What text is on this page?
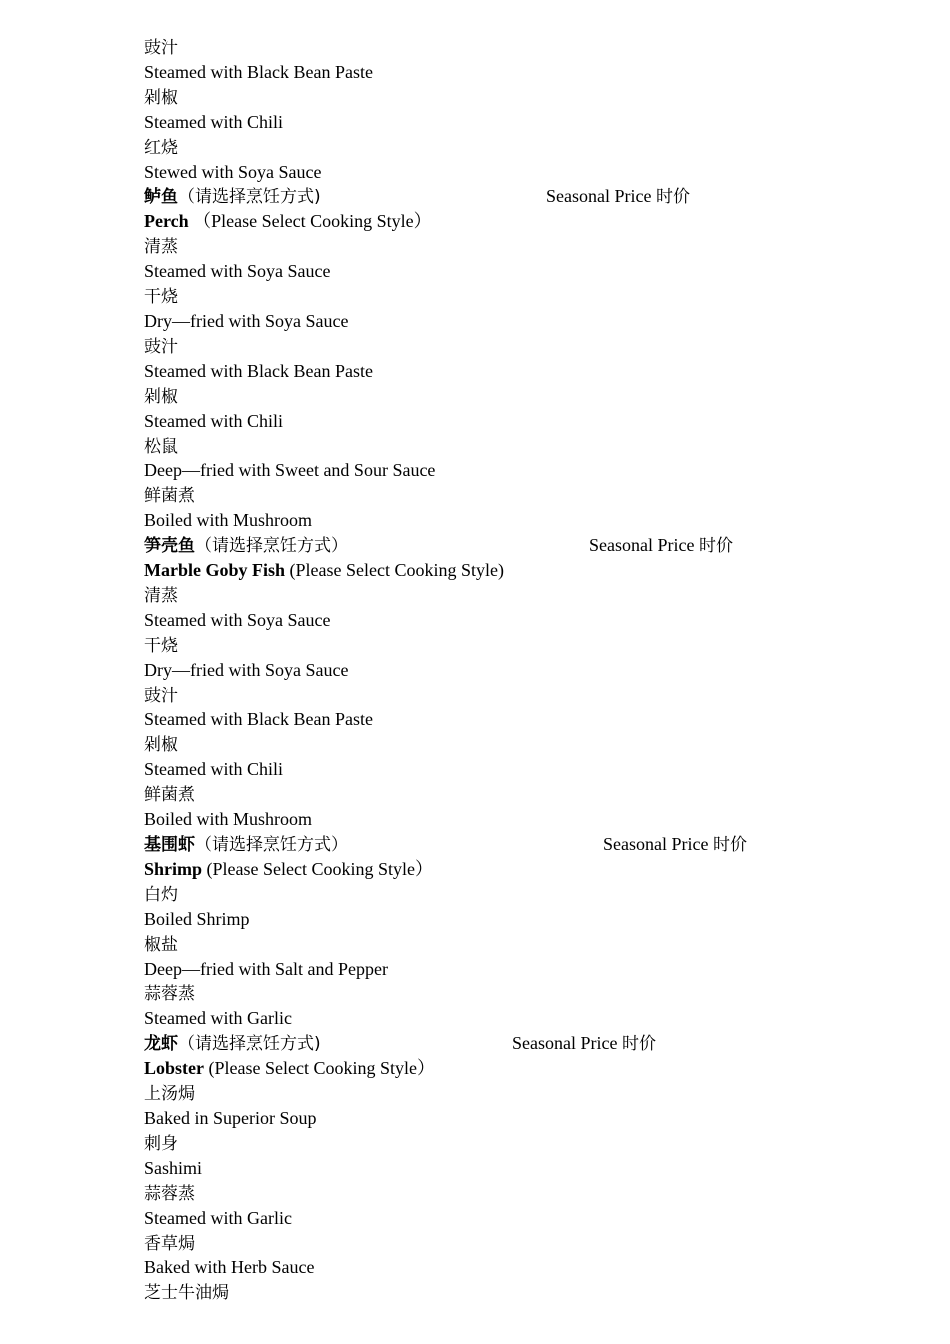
豉汁
Steamed with Black Bean Paste
剁椒
Steamed with Chili
红烧
Stewed with Soya Sauce
鲈鱼（请选择烹饪方式)	Seasonal Price 时价
Perch （Please Select Cooking Style）
清蒸
Steamed with Soya Sauce
干烧
Dry—fried with Soya Sauce
豉汁
Steamed with Black Bean Paste
剁椒
Steamed with Chili
松鼠
Deep—fried with Sweet and Sour Sauce
鲜菌煮
Boiled with Mushroom
笋壳鱼（请选择烹饪方式）	Seasonal Price 时价
Marble Goby Fish (Please Select Cooking Style)
清蒸
Steamed with Soya Sauce
干烧
Dry—fried with Soya Sauce
豉汁
Steamed with Black Bean Paste
剁椒
Steamed with Chili
鲜菌煮
Boiled with Mushroom
基围虾（请选择烹饪方式）	Seasonal Price 时价
Shrimp (Please Select Cooking Style）
白灼
Boiled Shrimp
椒盐
Deep—fried with Salt and Pepper
蒜蓉蒸
Steamed with Garlic
龙虾（请选择烹饪方式)	Seasonal Price 时价
Lobster (Please Select Cooking Style）
上汤焗
Baked in Superior Soup
刺身
Sashimi
蒜蓉蒸
Steamed with Garlic
香草焗
Baked with Herb Sauce
芝士牛油焗
